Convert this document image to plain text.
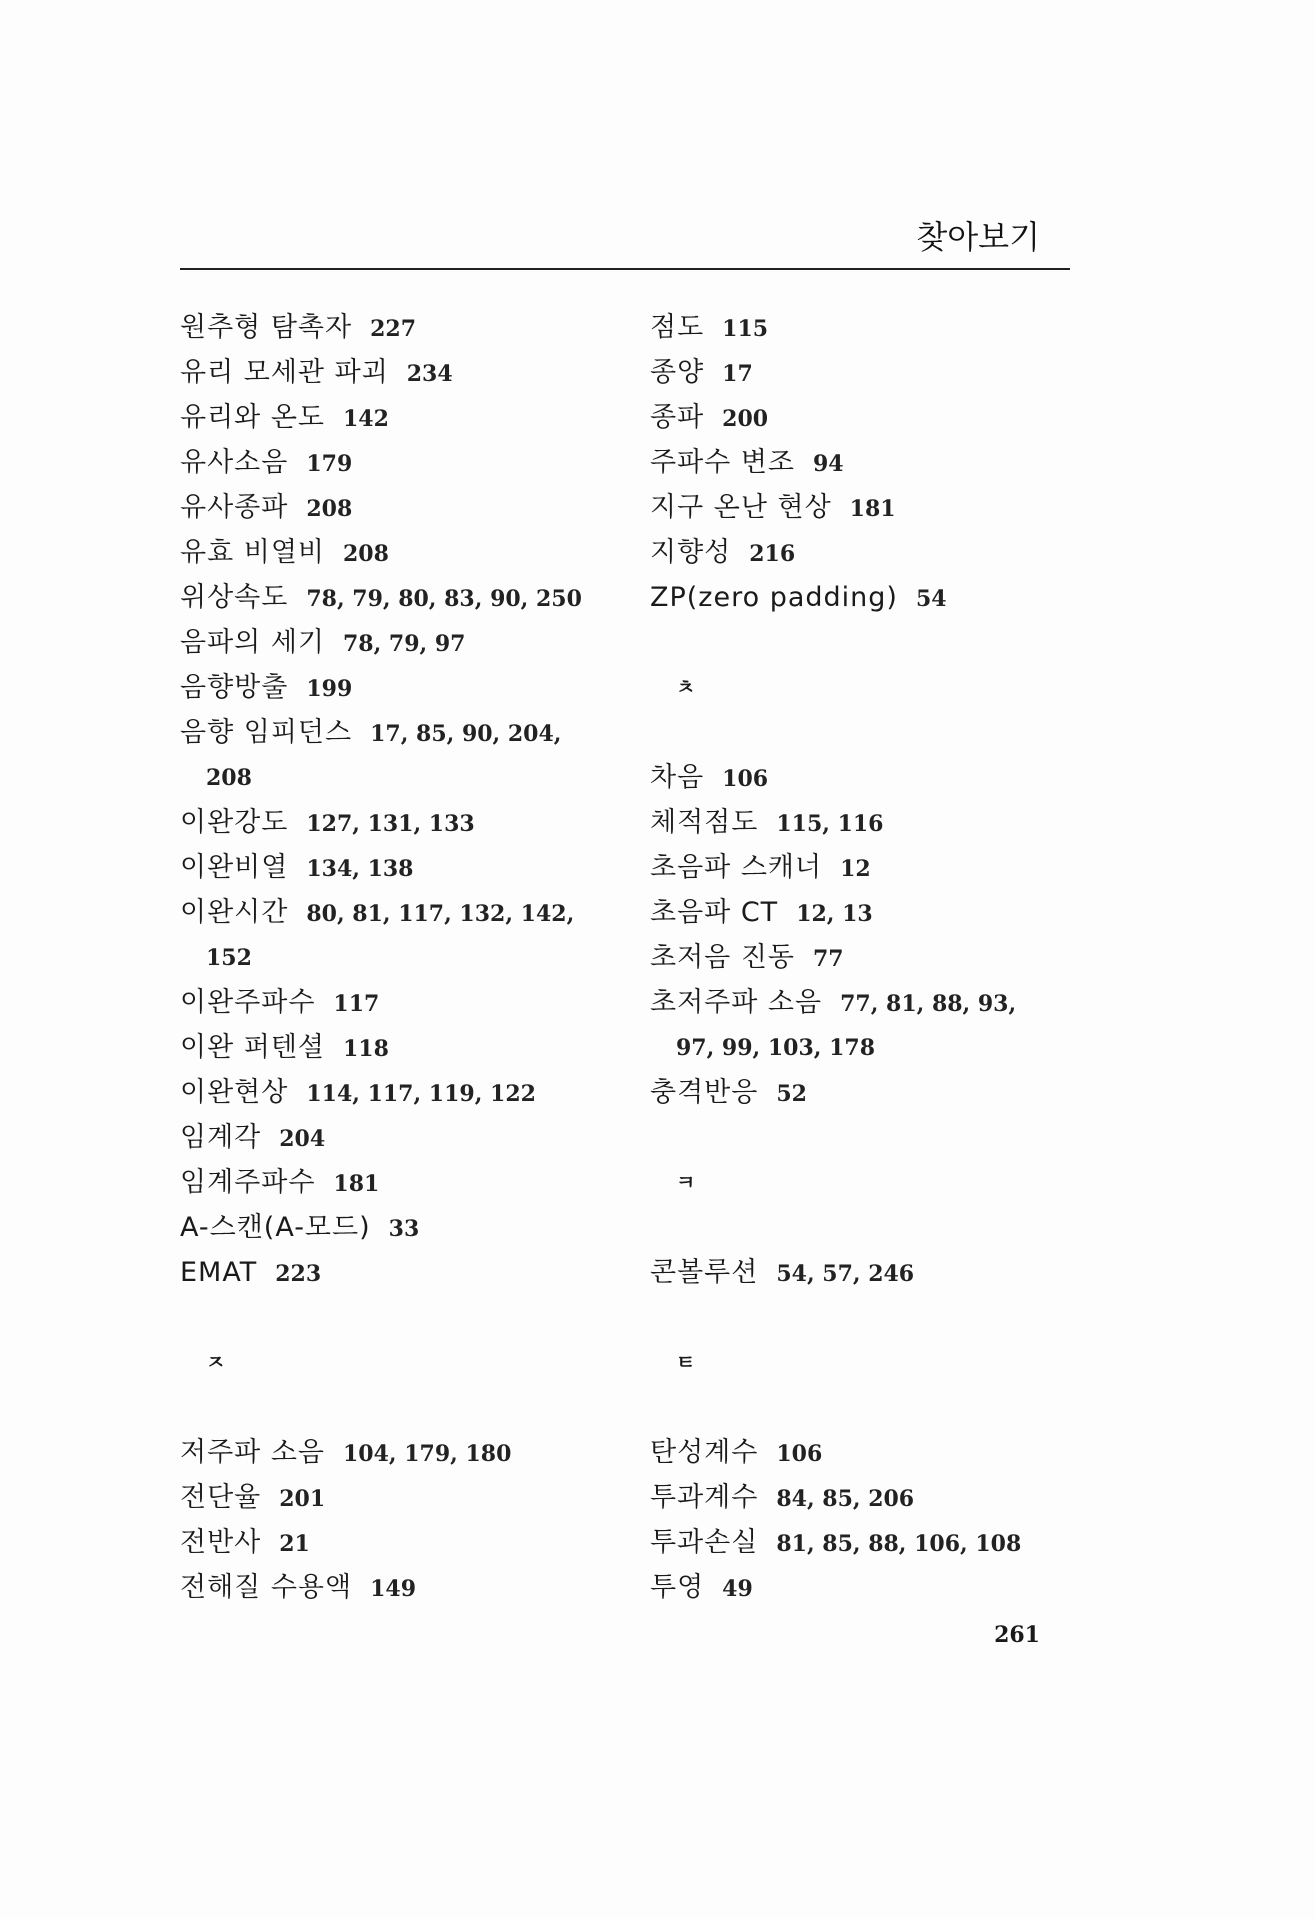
찾아보기
원추형 탐촉자 227
유리 모세관 파괴 234
유리와 온도 142
유사소음 179
유사종파 208
유효 비열비 208
위상속도 78, 79, 80, 83, 90, 250
음파의 세기 78, 79, 97
음향방출 199
음향 임피던스 17, 85, 90, 204,
208
이완강도 127, 131, 133
이완비열 134, 138
이완시간 80, 81, 117, 132, 142,
152
이완주파수 117
이완 퍼텐셜 118
이완현상 114, 117, 119, 122
임계각 204
임계주파수 181
A-스캔(A-모드) 33
EMAT 223
ㅈ
저주파 소음 104, 179, 180
전단율 201
전반사 21
전해질 수용액 149
점도 115
종양 17
종파 200
주파수 변조 94
지구 온난 현상 181
지향성 216
ZP(zero padding) 54
ㅊ
차음 106
체적점도 115, 116
초음파 스캐너 12
초음파 CT 12, 13
초저음 진동 77
초저주파 소음 77, 81, 88, 93,
97, 99, 103, 178
충격반응 52
ㅋ
콘볼루션 54, 57, 246
ㅌ
탄성계수 106
투과계수 84, 85, 206
투과손실 81, 85, 88, 106, 108
투영 49
261
